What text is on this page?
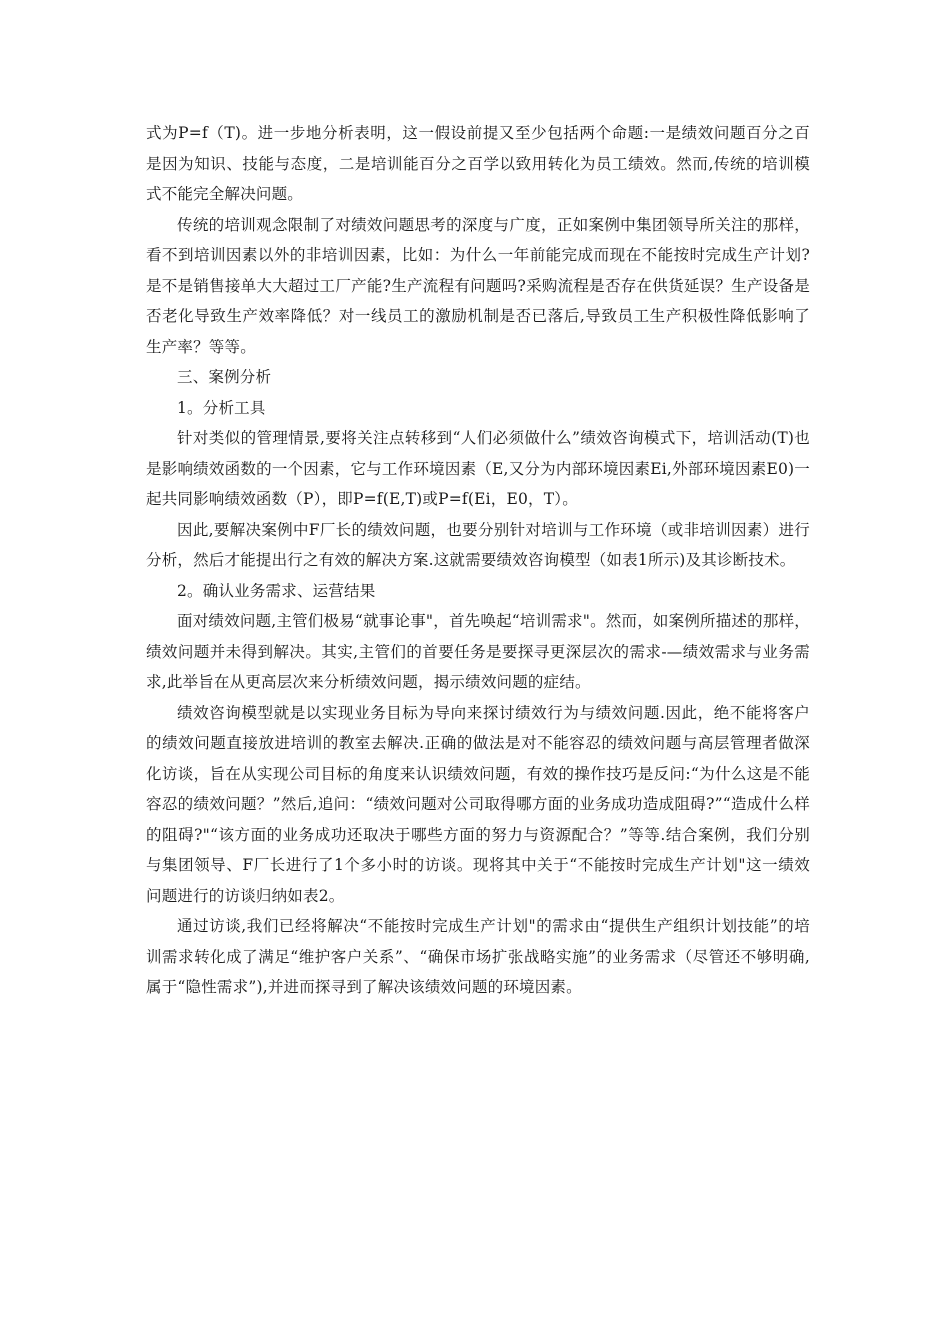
式为P=f（T)。进一步地分析表明，这一假设前提又至少包括两个命题:一是绩效问题百分之百是因为知识、技能与态度，二是培训能百分之百学以致用转化为员工绩效。然而,传统的培训模式不能完全解决问题。

传统的培训观念限制了对绩效问题思考的深度与广度，正如案例中集团领导所关注的那样，看不到培训因素以外的非培训因素，比如：为什么一年前能完成而现在不能按时完成生产计划?是不是销售接单大大超过工厂产能?生产流程有问题吗?采购流程是否存在供货延误？生产设备是否老化导致生产效率降低？对一线员工的激励机制是否已落后,导致员工生产积极性降低影响了生产率？等等。

三、案例分析

1。分析工具

针对类似的管理情景,要将关注点转移到“人们必须做什么”绩效咨询模式下，培训活动(T)也是影响绩效函数的一个因素，它与工作环境因素（E,又分为内部环境因素Ei,外部环境因素E0)一起共同影响绩效函数（P），即P=f(E,T)或P=f(Ei，E0，T）。

因此,要解决案例中F厂长的绩效问题，也要分别针对培训与工作环境（或非培训因素）进行分析，然后才能提出行之有效的解决方案.这就需要绩效咨询模型（如表1所示)及其诊断技术。

2。确认业务需求、运营结果

面对绩效问题,主管们极易“就事论事"，首先唤起“培训需求"。然而，如案例所描述的那样，绩效问题并未得到解决。其实,主管们的首要任务是要探寻更深层次的需求-—绩效需求与业务需求,此举旨在从更高层次来分析绩效问题，揭示绩效问题的症结。

绩效咨询模型就是以实现业务目标为导向来探讨绩效行为与绩效问题.因此，绝不能将客户的绩效问题直接放进培训的教室去解决.正确的做法是对不能容忍的绩效问题与高层管理者做深化访谈，旨在从实现公司目标的角度来认识绩效问题，有效的操作技巧是反问:“为什么这是不能容忍的绩效问题？”然后,追问：“绩效问题对公司取得哪方面的业务成功造成阻碍?”“造成什么样的阻碍?"“该方面的业务成功还取决于哪些方面的努力与资源配合？”等等.结合案例，我们分别与集团领导、F厂长进行了1个多小时的访谈。现将其中关于“不能按时完成生产计划"这一绩效问题进行的访谈归纳如表2。

通过访谈,我们已经将解决“不能按时完成生产计划"的需求由“提供生产组织计划技能”的培训需求转化成了满足“维护客户关系”、“确保市场扩张战略实施”的业务需求（尽管还不够明确,属于“隐性需求”),并进而探寻到了解决该绩效问题的环境因素。
